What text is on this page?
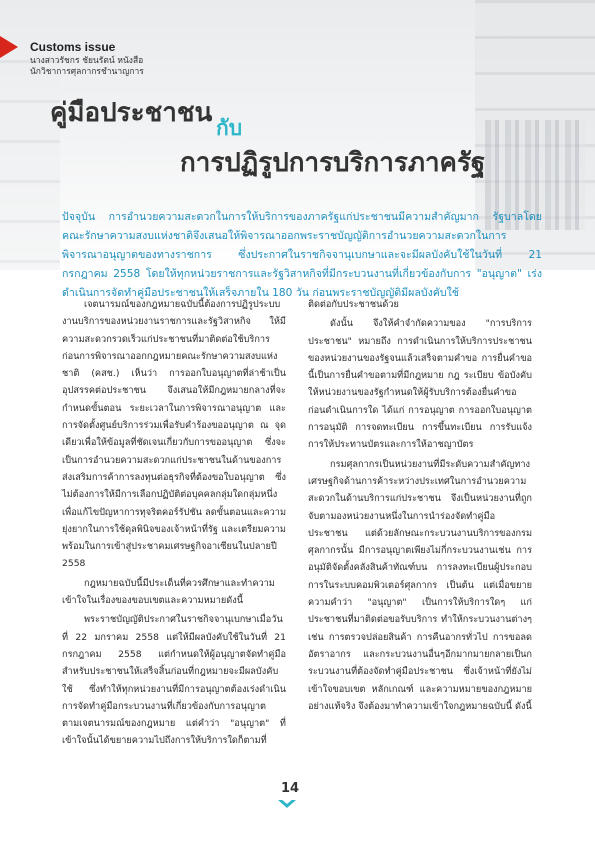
Customs issue
นางสาวรัชกร ชัยนรัตน์ หนังสือ
นักวิชาการศุลกากรชำนาญการ
คู่มือประชาชน กับ
การปฏิรูปการบริการภาครัฐ
ปัจจุบัน การอำนวยความสะดวกในการให้บริการของภาครัฐแก่ประชาชนมีความสำคัญมาก รัฐบาลโดยคณะรักษาความสงบแห่งชาติจึงเสนอให้พิจารณาออกพระราชบัญญัติการอำนวยความสะดวกในการพิจารณาอนุญาตของทางราชการ ซึ่งประกาศในราชกิจจานุเบกษาและจะมีผลบังคับใช้ในวันที่ 21 กรกฎาคม 2558 โดยให้ทุกหน่วยราชการและรัฐวิสาหกิจที่มีกระบวนงานที่เกี่ยวข้องกับการ "อนุญาต" เร่งดำเนินการจัดทำคู่มือประชาชนให้เสร็จภายใน 180 วัน ก่อนพระราชบัญญัติมีผลบังคับใช้

เจตนารมณ์ของกฎหมายฉบับนี้ต้องการปฏิรูประบบงานบริการของหน่วยงานราชการและรัฐวิสาหกิจ ให้มีความสะดวกรวดเร็วแก่ประชาชนที่มาติดต่อใช้บริการ ก่อนการพิจารณาออกกฎหมายคณะรักษาความสงบแห่งชาติ (คสช.) เห็นว่า การออกใบอนุญาตที่ล่าช้าเป็นอุปสรรคต่อประชาชน จึงเสนอให้มีกฎหมายกลางที่จะกำหนดขั้นตอน ระยะเวลาในการพิจารณาอนุญาต และการจัดตั้งศูนย์บริการร่วมเพื่อรับคำร้องขออนุญาต ณ จุดเดียวเพื่อให้ข้อมูลที่ชัดเจนเกี่ยวกับการขออนุญาต ซึ่งจะเป็นการอำนวยความสะดวกแก่ประชาชนในด้านของการส่งเสริมการค้าการลงทุนต่อธุรกิจที่ต้องขอใบอนุญาต ซึ่งไม่ต้องการให้มีการเลือกปฏิบัติต่อบุคคลกลุ่มใดกลุ่มหนึ่ง เพื่อแก้ไขปัญหาการทุจริตคอร์รัปชัน ลดขั้นตอนและความยุ่งยากในการใช้ดุลพินิจของเจ้าหน้าที่รัฐ และเตรียมความพร้อมในการเข้าสู่ประชาคมเศรษฐกิจอาเซียนในปลายปี 2558

กฎหมายฉบับนี้มีประเด็นที่ควรศึกษาและทำความเข้าใจในเรื่องของขอบเขตและความหมายดังนี้

พระราชบัญญัติประกาศในราชกิจจานุเบกษาเมื่อวันที่ 22 มกราคม 2558 แต่ให้มีผลบังคับใช้ในวันที่ 21 กรกฎาคม 2558 แต่กำหนดให้ผู้อนุญาตจัดทำคู่มือสำหรับประชาชนให้เสร็จสิ้นก่อนที่กฎหมายจะมีผลบังคับใช้ ซึ่งทำให้ทุกหน่วยงานที่มีการอนุญาตต้องเร่งดำเนินการจัดทำคู่มือกระบวนงานที่เกี่ยวข้องกับการอนุญาต ตามเจตนารมณ์ของกฎหมาย แต่คำว่า "อนุญาต" ที่เข้าใจนั้นได้ขยายความไปถึงการให้บริการใดก็ตามที่

ติดต่อกับประชาชนด้วย

ดังนั้น จึงให้คำจำกัดความของ "การบริการประชาชน" หมายถึง การดำเนินการให้บริการประชาชนของหน่วยงานของรัฐจนแล้วเสร็จตามคำขอ การยื่นคำขอนี้เป็นการยื่นคำขอตามที่มีกฎหมาย กฎ ระเบียบ ข้อบังคับให้หน่วยงานของรัฐกำหนดให้ผู้รับบริการต้องยื่นคำขอก่อนดำเนินการใด ได้แก่ การอนุญาต การออกใบอนุญาต การอนุมัติ การจดทะเบียน การขึ้นทะเบียน การรับแจ้ง การให้ประทานบัตรและการให้อาชญาบัตร

กรมศุลกากรเป็นหน่วยงานที่มีระดับความสำคัญทางเศรษฐกิจด้านการค้าระหว่างประเทศในการอำนวยความสะดวกในด้านบริการแก่ประชาชน จึงเป็นหน่วยงานที่ถูกจับตามองหน่วยงานหนึ่งในการนำร่องจัดทำคู่มือประชาชน แต่ด้วยลักษณะกระบวนงานบริการของกรมศุลกากรนั้น มีการอนุญาตเพียงไม่กี่กระบวนงานเช่น การอนุมัติจัดตั้งคลังสินค้าทัณฑ์บน การลงทะเบียนผู้ประกอบการในระบบคอมพิวเตอร์ศุลกากร เป็นต้น แต่เมื่อขยายความคำว่า "อนุญาต" เป็นการให้บริการใดๆ แก่ประชาชนที่มาติดต่อขอรับบริการ ทำให้กระบวนงานต่างๆ เช่น การตรวจปล่อยสินค้า การคืนอากรทั่วไป การขอลดอัตราอากร และกระบวนงานอื่นๆอีกมากมายกลายเป็นกระบวนงานที่ต้องจัดทำคู่มือประชาชน ซึ่งเจ้าหน้าที่ยังไม่เข้าใจขอบเขต หลักเกณฑ์ และความหมายของกฎหมายอย่างแท้จริง จึงต้องมาทำความเข้าใจกฎหมายฉบับนี้ ดังนี้

14
